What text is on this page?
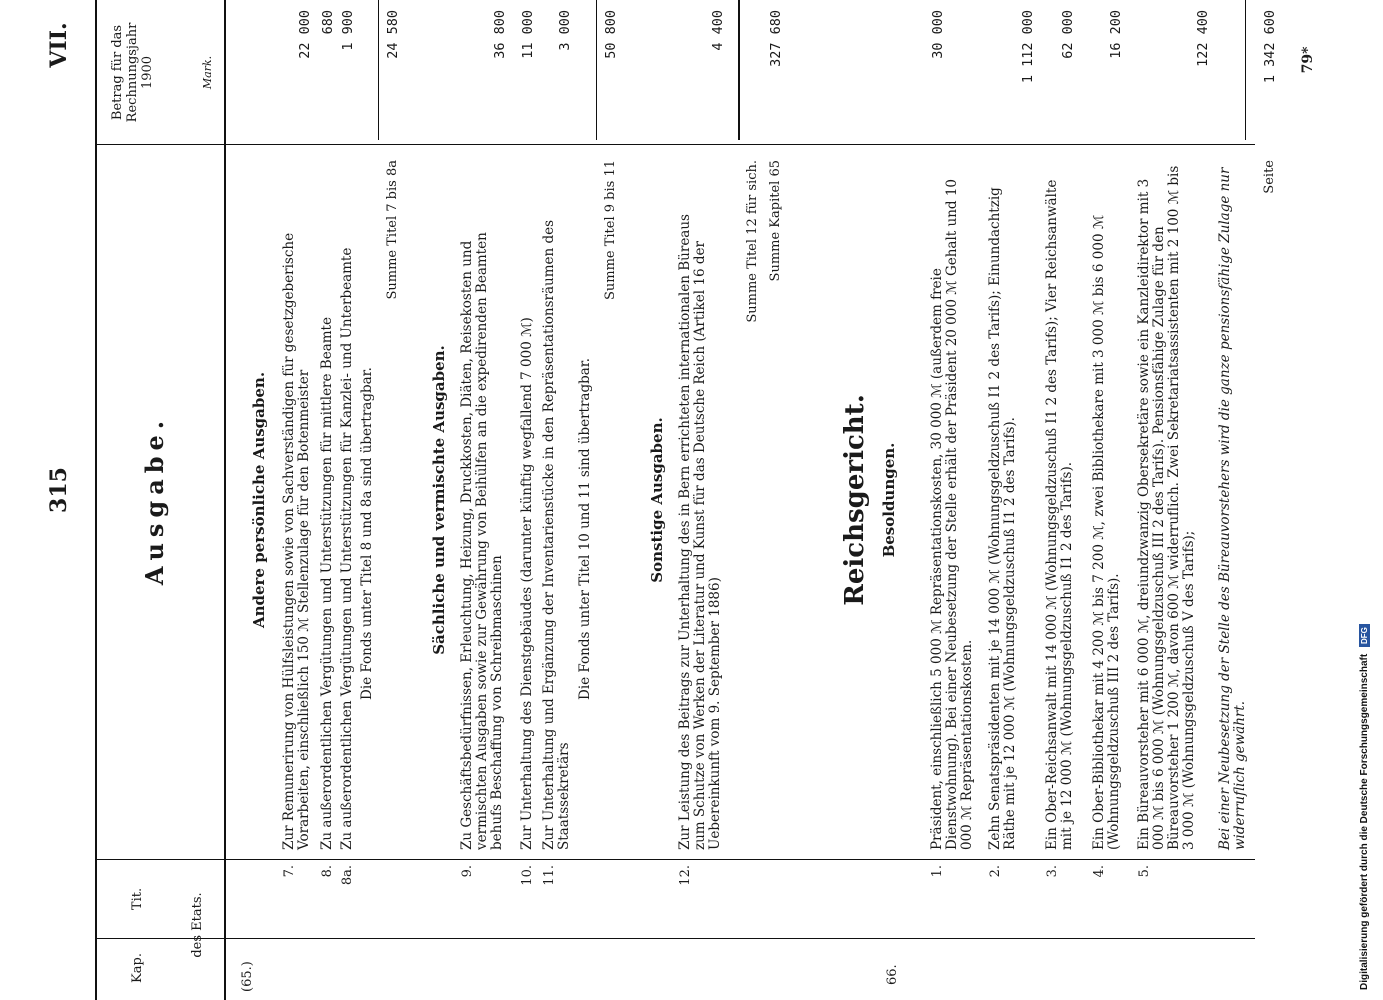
315
VII.
Kap.
Tit.	des Etats.
Betrag für das Rechnungsjahr 1900	Mark.
Ausgabe.
(65.)
Andere persönliche Ausgaben.
7.
Zur Remunerirung von Hülfsleistungen sowie von Sachverständigen für gesetzgeberische Vorarbeiten, einschließlich 150 ℳ Stellenzulage für den Botenmeister
22 000
8.
Zu außerordentlichen Vergütungen und Unterstützungen für mittlere Beamte
680
8a.
Zu außerordentlichen Vergütungen und Unterstützungen für Kanzlei- und Unterbeamte
1 900
Die Fonds unter Titel 8 und 8a sind übertragbar.
Summe Titel 7 bis 8a
24 580
Sächliche und vermischte Ausgaben.
9.
Zu Geschäftsbedürfnissen, Erleuchtung, Heizung, Druckkosten, Diäten, Reisekosten und vermischten Ausgaben sowie zur Gewährung von Beihülfen an die expedirenden Beamten behufs Beschaffung von Schreibmaschinen
36 800
10.
Zur Unterhaltung des Dienstgebäudes (darunter künftig wegfallend 7 000 ℳ)
11 000
11.
Zur Unterhaltung und Ergänzung der Inventarienstücke in den Repräsentationsräumen des Staatssekretärs
3 000
Die Fonds unter Titel 10 und 11 sind übertragbar.
Summe Titel 9 bis 11
50 800
Sonstige Ausgaben.
12.
Zur Leistung des Beitrags zur Unterhaltung des in Bern errichteten internationalen Büreaus zum Schutze von Werken der Literatur und Kunst für das Deutsche Reich (Artikel 16 der Uebereinkunft vom 9. September 1886)
4 400
Summe Titel 12 für sich. Summe Kapitel 65
327 680
66.
Reichsgericht. Besoldungen.
1.
Präsident, einschließlich 5 000 ℳ Repräsentationskosten, 30 000 ℳ (außerdem freie Dienstwohnung). Bei einer Neubesetzung der Stelle erhält der Präsident 20 000 ℳ Gehalt und 10 000 ℳ Repräsentationskosten.
30 000
2.
Zehn Senatspräsidenten mit je 14 000 ℳ (Wohnungsgeldzuschuß I1 2 des Tarifs); Einundachtzig Räthe mit je 12 000 ℳ (Wohnungsgeldzuschuß I1 2 des Tarifs).
1 112 000
3.
Ein Ober-Reichsanwalt mit 14 000 ℳ (Wohnungsgeldzuschuß I1 2 des Tarifs); Vier Reichsanwälte mit je 12 000 ℳ (Wohnungsgeldzuschuß I1 2 des Tarifs).
62 000
4.
Ein Ober-Bibliothekar mit 4 200 ℳ bis 7 200 ℳ, zwei Bibliothekare mit 3 000 ℳ bis 6 000 ℳ (Wohnungsgeldzuschuß III 2 des Tarifs).
16 200
5.
Ein Büreauvorsteher mit 6 000 ℳ, dreiundzwanzig Obersekretäre sowie ein Kanzleidirektor mit 3 000 ℳ bis 6 000 ℳ (Wohnungsgeldzuschuß III 2 des Tarifs). Pensionsfähige Zulage für den Büreauvorsteher 1 200 ℳ, davon 600 ℳ widerruflich. Zwei Sekretariatsassistenten mit 2 100 ℳ bis 3 000 ℳ (Wohnungsgeldzuschuß V des Tarifs);
122 400
Bei einer Neubesetzung der Stelle des Büreauvorstehers wird die ganze pensionsfähige Zulage nur widerruflich gewährt.
Seite
1 342 600 79*
Digitalisierung gefördert durch die Deutsche Forschungsgemeinschaft DFG
